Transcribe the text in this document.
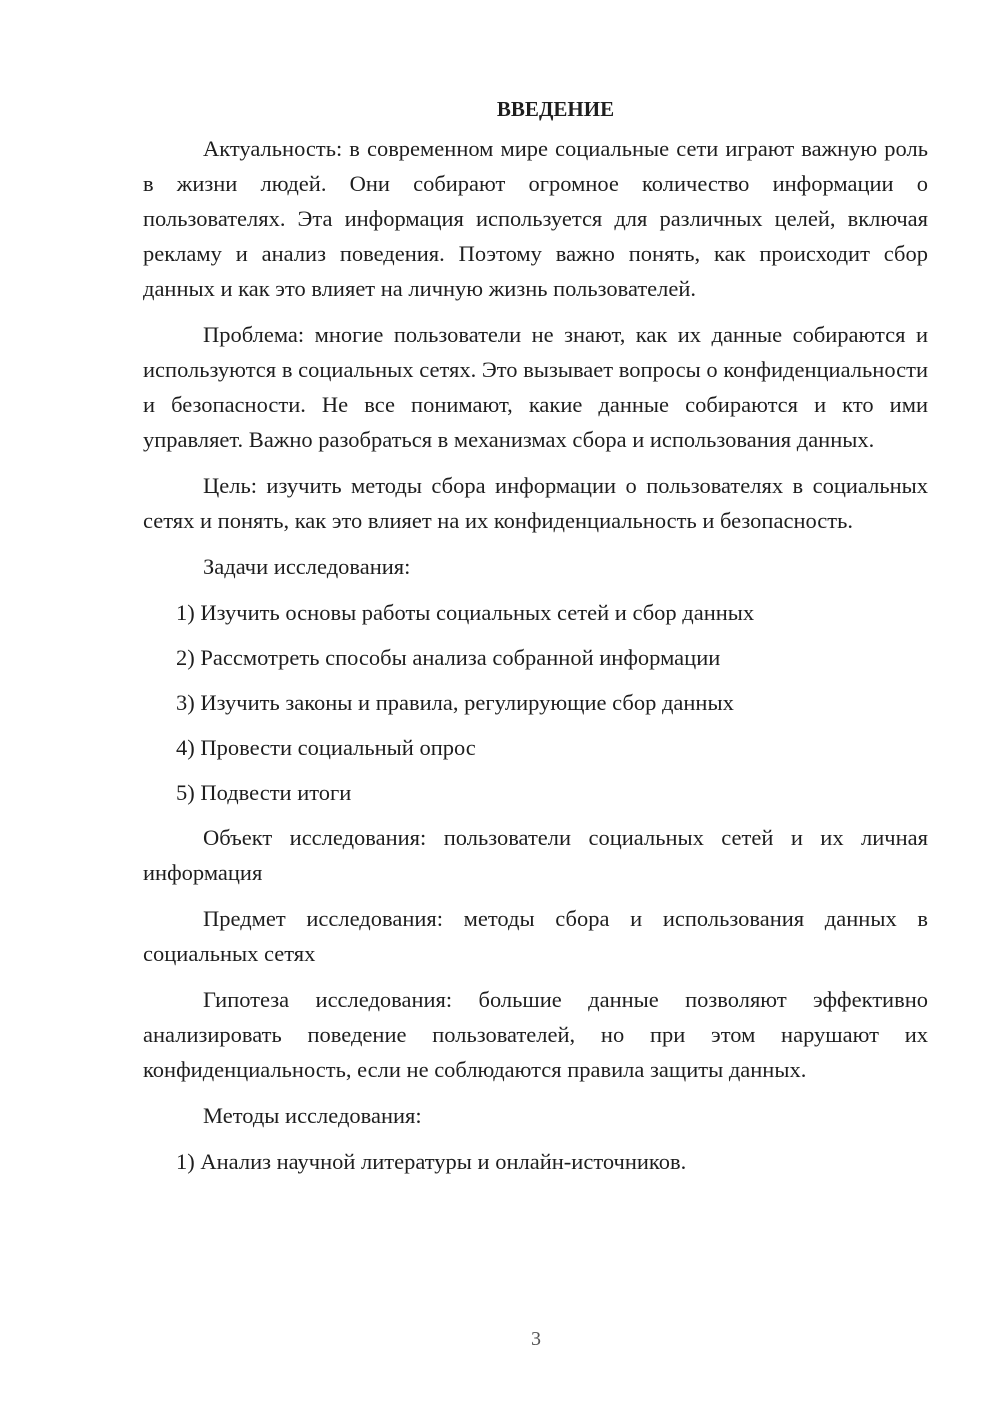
ВВЕДЕНИЕ

Актуальность: в современном мире социальные сети играют важную роль в жизни людей. Они собирают огромное количество информации о пользователях. Эта информация используется для различных целей, включая рекламу и анализ поведения. Поэтому важно понять, как происходит сбор данных и как это влияет на личную жизнь пользователей.

Проблема: многие пользователи не знают, как их данные собираются и используются в социальных сетях. Это вызывает вопросы о конфиденциальности и безопасности. Не все понимают, какие данные собираются и кто ими управляет. Важно разобраться в механизмах сбора и использования данных.

Цель: изучить методы сбора информации о пользователях в социальных сетях и понять, как это влияет на их конфиденциальность и безопасность.

Задачи исследования:
1) Изучить основы работы социальных сетей и сбор данных
2) Рассмотреть способы анализа собранной информации
3) Изучить законы и правила, регулирующие сбор данных
4) Провести социальный опрос
5) Подвести итоги

Объект исследования: пользователи социальных сетей и их личная информация

Предмет исследования: методы сбора и использования данных в социальных сетях

Гипотеза исследования: большие данные позволяют эффективно анализировать поведение пользователей, но при этом нарушают их конфиденциальность, если не соблюдаются правила защиты данных.

Методы исследования:
1) Анализ научной литературы и онлайн-источников.
3
